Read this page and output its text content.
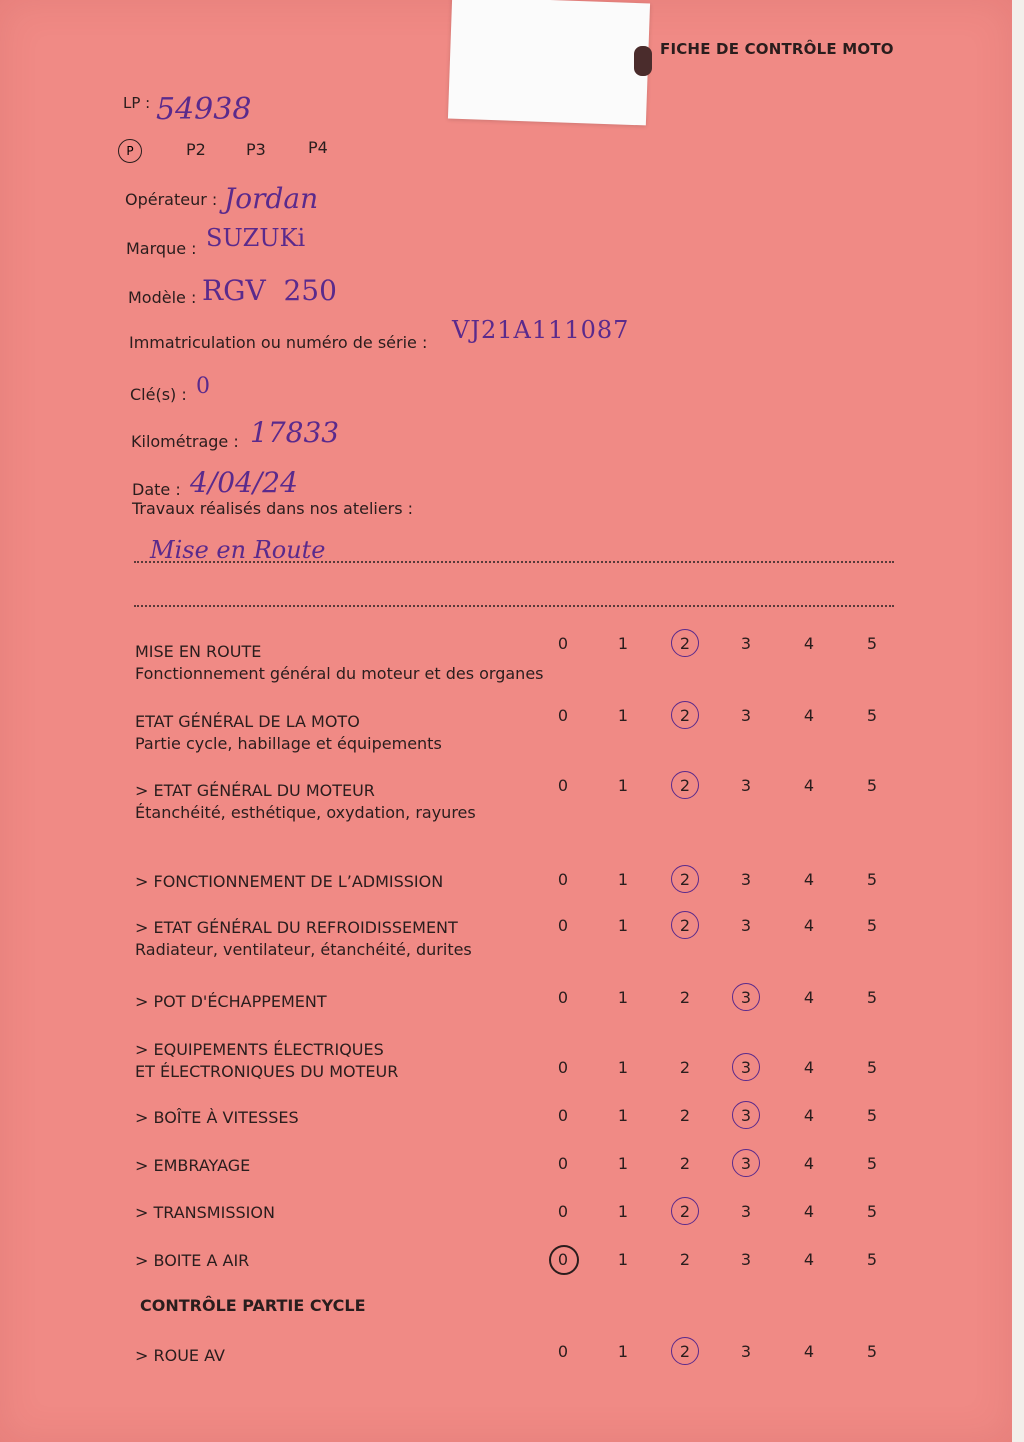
FICHE DE CONTRÔLE MOTO
LP : 54938
P	P2	P3	P4
Opérateur : Jordan
Marque : SUZUKi
Modèle : RGV  250
Immatriculation ou numéro de série : VJ21A111087
Clé(s) : 0
Kilométrage : 17833
Date : 4/04/24
Travaux réalisés dans nos ateliers :
Mise en Route
MISE EN ROUTE
Fonctionnement général du moteur et des organes
0	1	2	3	4	5
ETAT GÉNÉRAL DE LA MOTO
Partie cycle, habillage et équipements
0	1	2	3	4	5
> ETAT GÉNÉRAL DU MOTEUR
Étanchéité, esthétique, oxydation, rayures
0	1	2	3	4	5
> FONCTIONNEMENT DE L’ADMISSION	0	1	2	3	4	5
> ETAT GÉNÉRAL DU REFROIDISSEMENT
Radiateur, ventilateur, étanchéité, durites
0	1	2	3	4	5
> POT D'ÉCHAPPEMENT	0	1	2	3	4	5
> EQUIPEMENTS ÉLECTRIQUES
ET ÉLECTRONIQUES DU MOTEUR	0	1	2	3	4	5
> BOÎTE À VITESSES	0	1	2	3	4	5
> EMBRAYAGE	0	1	2	3	4	5
> TRANSMISSION	0	1	2	3	4	5
> BOITE A AIR	0	1	2	3	4	5
> ROUE AV	0	1	2	3	4	5
CONTRÔLE PARTIE CYCLE
